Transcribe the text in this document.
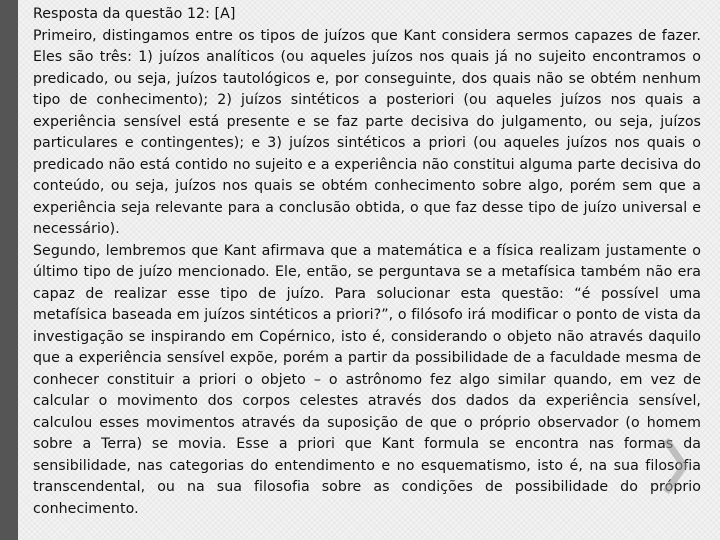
Resposta da questão 12: [A]

Primeiro, distingamos entre os tipos de juízos que Kant considera sermos capazes de fazer. Eles são três: 1) juízos analíticos (ou aqueles juízos nos quais já no sujeito encontramos o predicado, ou seja, juízos tautológicos e, por conseguinte, dos quais não se obtém nenhum tipo de conhecimento); 2) juízos sintéticos a posteriori (ou aqueles juízos nos quais a experiência sensível está presente e se faz parte decisiva do julgamento, ou seja, juízos particulares e contingentes); e 3) juízos sintéticos a priori (ou aqueles juízos nos quais o predicado não está contido no sujeito e a experiência não constitui alguma parte decisiva do conteúdo, ou seja, juízos nos quais se obtém conhecimento sobre algo, porém sem que a experiência seja relevante para a conclusão obtida, o que faz desse tipo de juízo universal e necessário).

Segundo, lembremos que Kant afirmava que a matemática e a física realizam justamente o último tipo de juízo mencionado. Ele, então, se perguntava se a metafísica também não era capaz de realizar esse tipo de juízo. Para solucionar esta questão: “é possível uma metafísica baseada em juízos sintéticos a priori?”, o filósofo irá modificar o ponto de vista da investigação se inspirando em Copérnico, isto é, considerando o objeto não através daquilo que a experiência sensível expõe, porém a partir da possibilidade de a faculdade mesma de conhecer constituir a priori o objeto – o astrônomo fez algo similar quando, em vez de calcular o movimento dos corpos celestes através dos dados da experiência sensível, calculou esses movimentos através da suposição de que o próprio observador (o homem sobre a Terra) se movia. Esse a priori que Kant formula se encontra nas formas da sensibilidade, nas categorias do entendimento e no esquematismo, isto é, na sua filosofia transcendental, ou na sua filosofia sobre as condições de possibilidade do próprio conhecimento.
